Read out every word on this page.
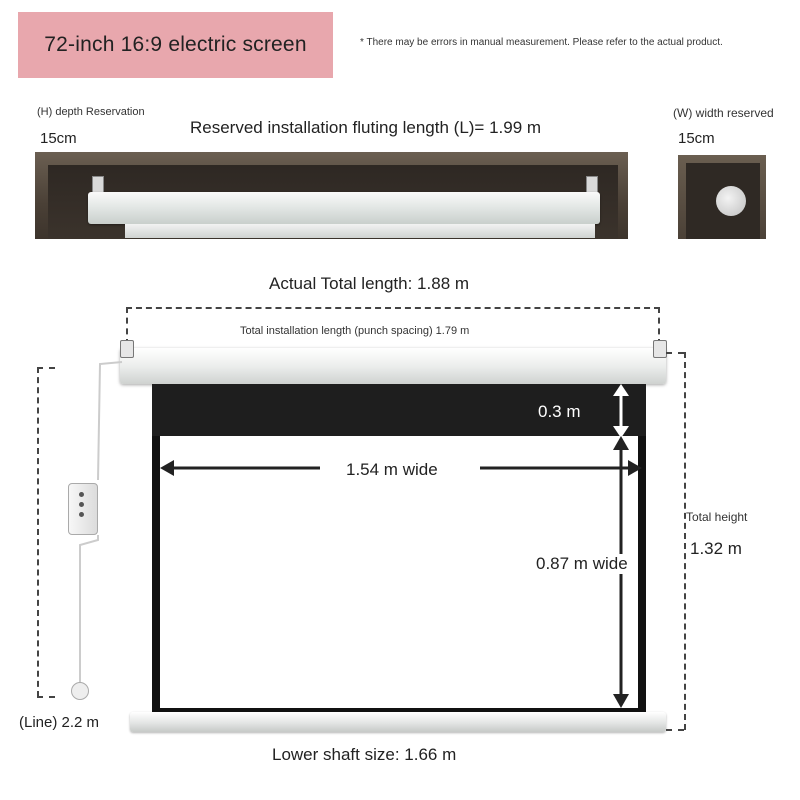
72-inch 16:9 electric screen	* There may be errors in manual measurement. Please refer to the actual product.
(H) depth Reservation
15cm
Reserved installation fluting length (L)= 1.99 m
(W) width reserved
15cm
Actual Total length: 1.88 m
Total installation length (punch spacing) 1.79 m
0.3 m
1.54 m wide
0.87 m wide
Lower shaft size: 1.66 m
Total height
1.32 m
(Line) 2.2 m
